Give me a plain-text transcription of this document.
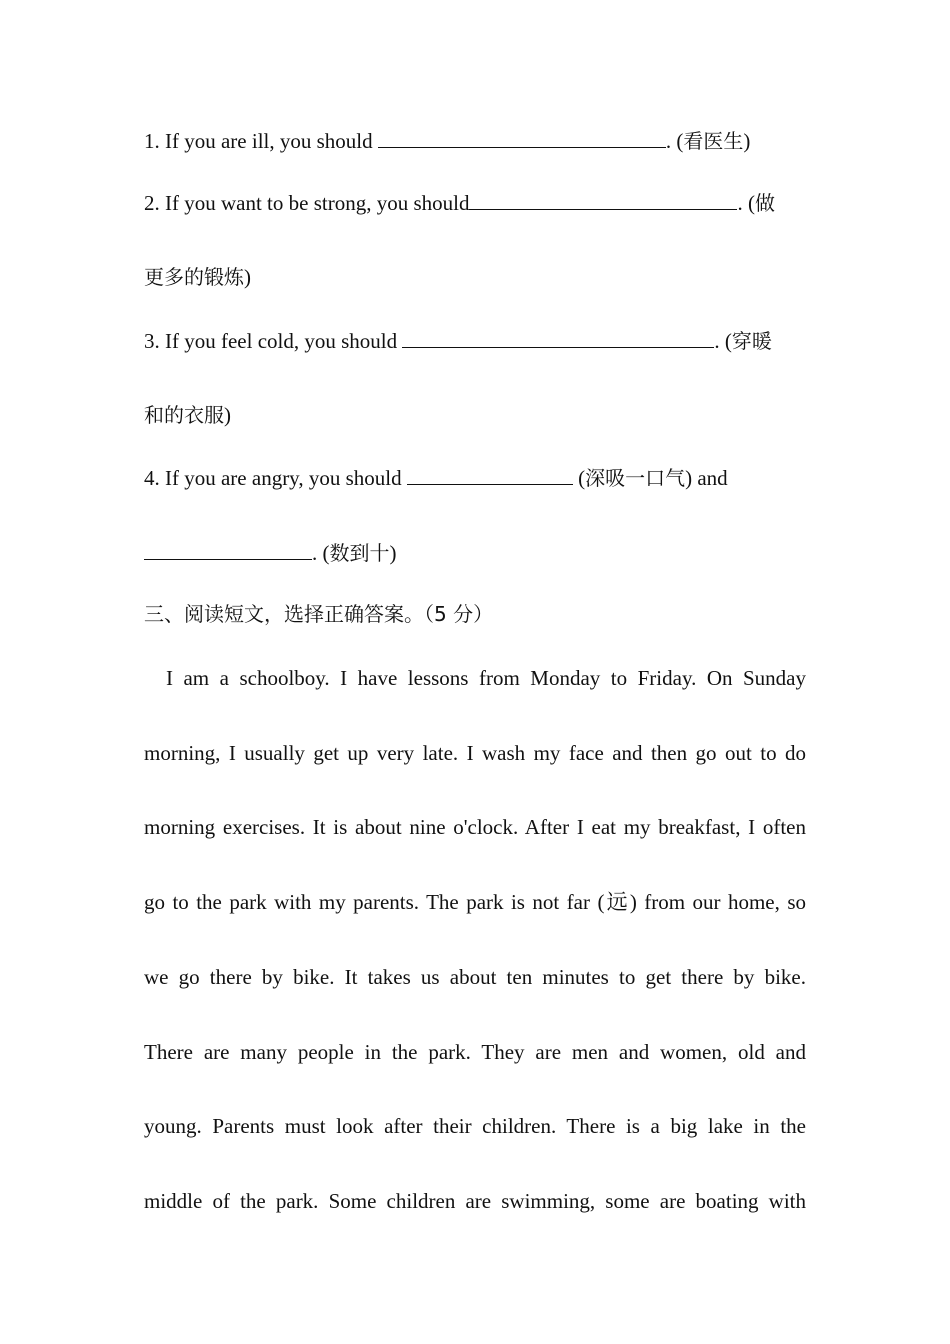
1. If you are ill, you should	. (看医生)
2. If you want to be strong, you should	. (做
更多的锻炼)
3. If you feel cold, you should	. (穿暖
和的衣服)
4. If you are angry, you should	(深吸一口气) and
. (数到十)
三、阅读短文，选择正确答案。（5 分）
I am a schoolboy. I have lessons from Monday to Friday. On Sunday
morning, I usually get up very late. I wash my face and then go out to do
morning exercises. It is about nine o'clock. After I eat my breakfast, I often
go to the park with my parents. The park is not far (远) from our home, so
we go there by bike. It takes us about ten minutes to get there by bike.
There are many people in the park. They are men and women, old and
young. Parents must look after their children. There is a big lake in the
middle of the park. Some children are swimming, some are boating with
